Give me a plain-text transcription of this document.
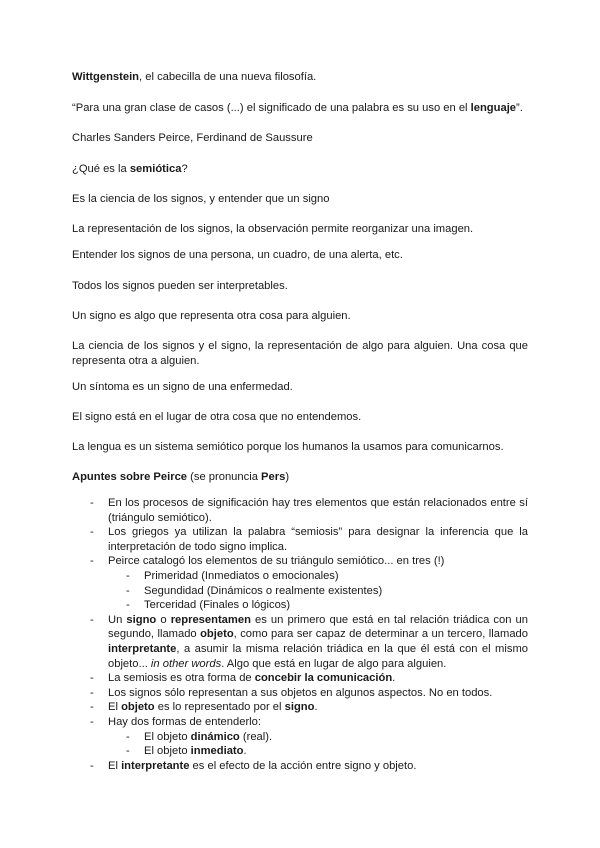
Wittgenstein, el cabecilla de una nueva filosofía.

“Para una gran clase de casos (...) el significado de una palabra es su uso en el lenguaje”.

Charles Sanders Peirce, Ferdinand de Saussure

¿Qué es la semiótica?

Es la ciencia de los signos, y entender que un signo

La representación de los signos, la observación permite reorganizar una imagen.

Entender los signos de una persona, un cuadro, de una alerta, etc.

Todos los signos pueden ser interpretables.

Un signo es algo que representa otra cosa para alguien.

La ciencia de los signos y el signo, la representación de algo para alguien. Una cosa que representa otra a alguien.

Un síntoma es un signo de una enfermedad.

El signo está en el lugar de otra cosa que no entendemos.

La lengua es un sistema semiótico porque los humanos la usamos para comunicarnos.

Apuntes sobre Peirce (se pronuncia Pers)

- En los procesos de significación hay tres elementos que están relacionados entre sí (triángulo semiótico).
- Los griegos ya utilizan la palabra “semiosis” para designar la inferencia que la interpretación de todo signo implica.
- Peirce catalogó los elementos de su triángulo semiótico... en tres (!)
- Primeridad (Inmediatos o emocionales)
- Segundidad (Dinámicos o realmente existentes)
- Terceridad (Finales o lógicos)
- Un signo o representamen es un primero que está en tal relación triádica con un segundo, llamado objeto, como para ser capaz de determinar a un tercero, llamado interpretante, a asumir la misma relación triádica en la que él está con el mismo objeto... in other words. Algo que está en lugar de algo para alguien.
- La semiosis es otra forma de concebir la comunicación.
- Los signos sólo representan a sus objetos en algunos aspectos. No en todos.
- El objeto es lo representado por el signo.
- Hay dos formas de entenderlo:
- El objeto dinámico (real).
- El objeto inmediato.
- El interpretante es el efecto de la acción entre signo y objeto.
